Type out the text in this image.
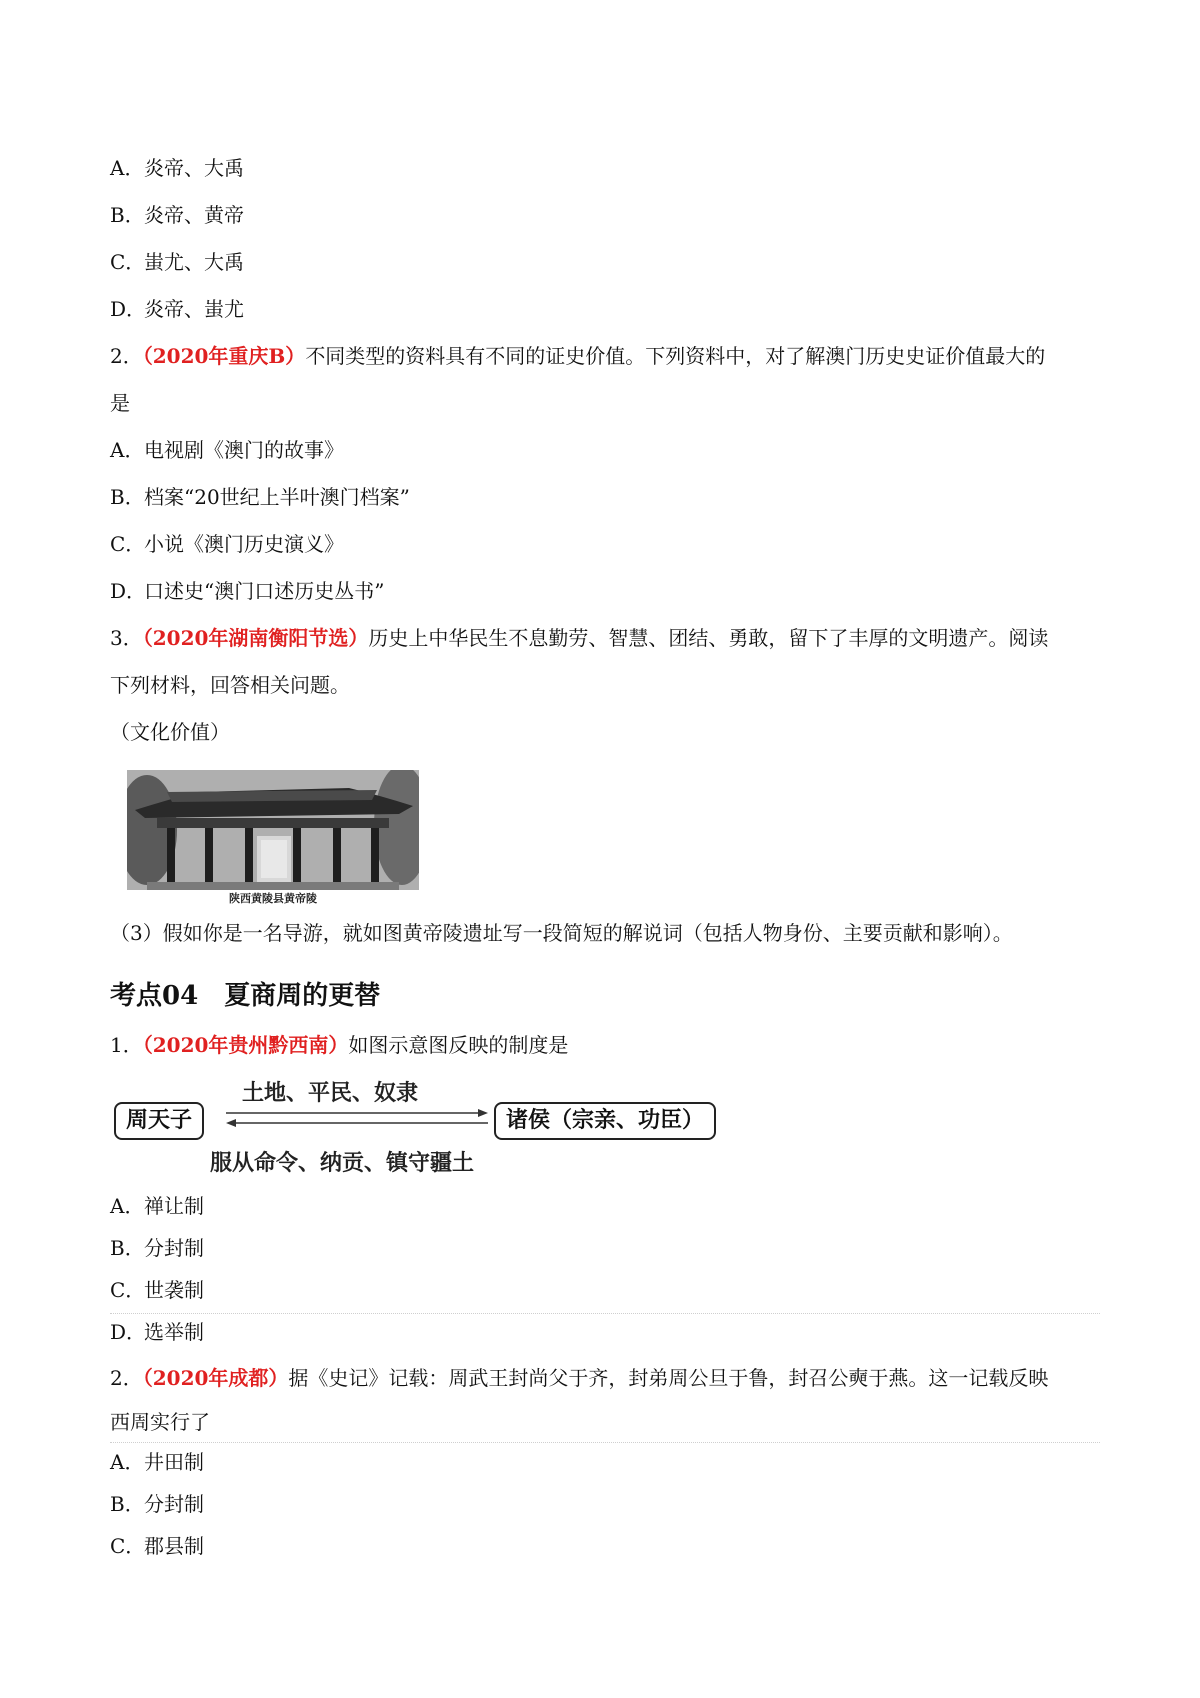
A．炎帝、大禹
B．炎帝、黄帝
C．蚩尤、大禹
D．炎帝、蚩尤
2．（2020年重庆B）不同类型的资料具有不同的证史价值。下列资料中，对了解澳门历史史证价值最大的
是
A．电视剧《澳门的故事》
B．档案“20世纪上半叶澳门档案”
C．小说《澳门历史演义》
D．口述史“澳门口述历史丛书”
3．（2020年湖南衡阳节选）历史上中华民生不息勤劳、智慧、团结、勇敢，留下了丰厚的文明遗产。阅读
下列材料，回答相关问题。
（文化价值）
陕西黄陵县黄帝陵
（3）假如你是一名导游，就如图黄帝陵遗址写一段简短的解说词（包括人物身份、主要贡献和影响）。
考点04 夏商周的更替
1．（2020年贵州黔西南）如图示意图反映的制度是
土地、平民、奴隶
周天子	诸侯（宗亲、功臣）
服从命令、纳贡、镇守疆土
A．禅让制
B．分封制
C．世袭制
D．选举制
2．（2020年成都）据《史记》记载：周武王封尚父于齐，封弟周公旦于鲁，封召公奭于燕。这一记载反映
西周实行了
A．井田制
B．分封制
C．郡县制
